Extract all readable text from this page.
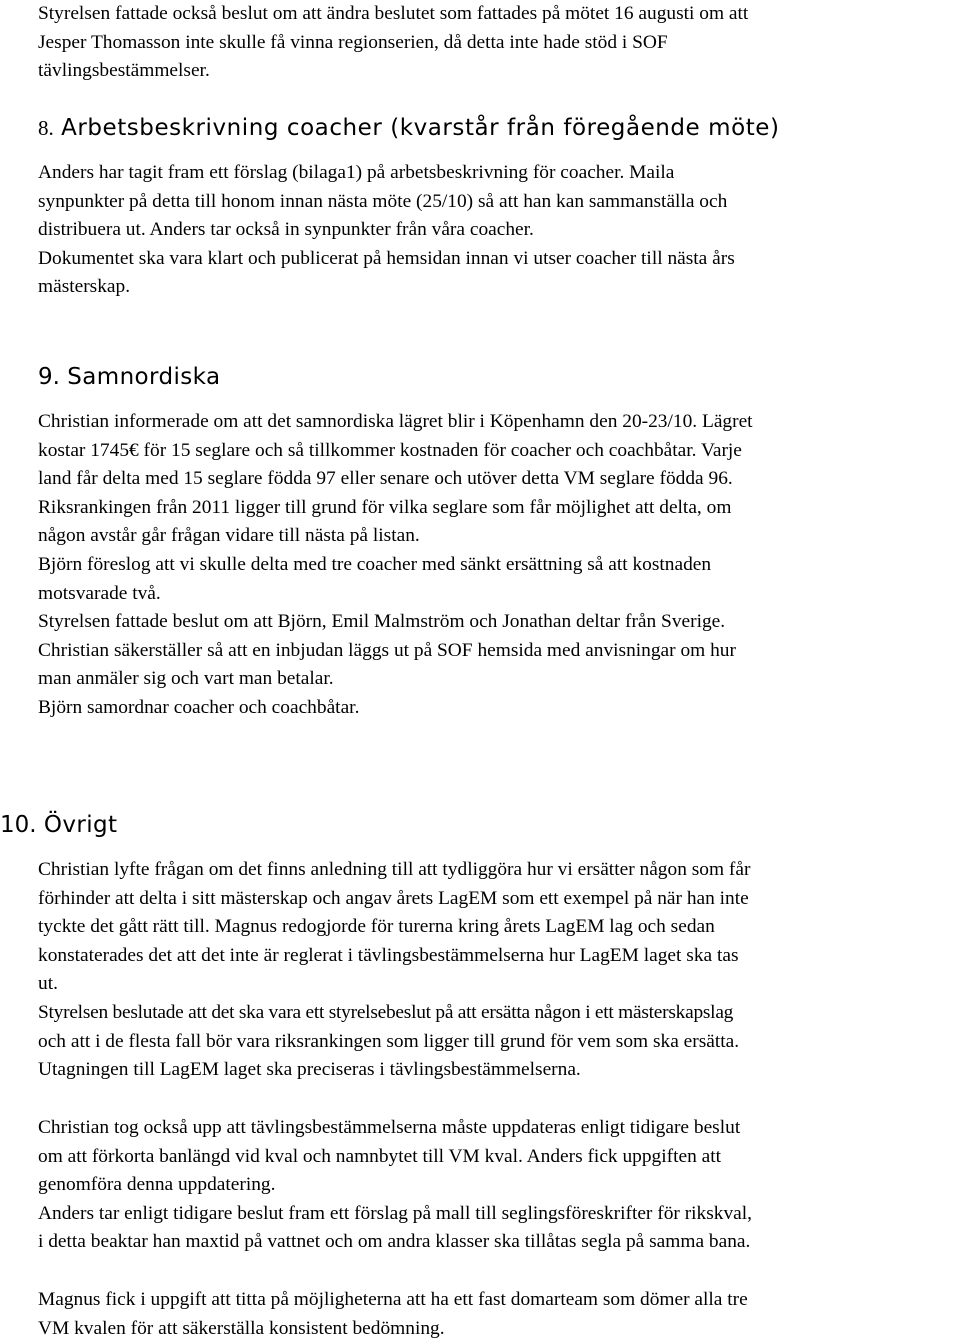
Styrelsen fattade också beslut om att ändra beslutet som fattades på mötet 16 augusti om att
Jesper Thomasson inte skulle få vinna regionserien, då detta inte hade stöd i SOF
tävlingsbestämmelser.
8. Arbetsbeskrivning coacher (kvarstår från föregående möte)
Anders har tagit fram ett förslag (bilaga1) på arbetsbeskrivning för coacher. Maila
synpunkter på detta till honom innan nästa möte (25/10) så att han kan sammanställa och
distribuera ut. Anders tar också in synpunkter från våra coacher.
Dokumentet ska vara klart och publicerat på hemsidan innan vi utser coacher till nästa års
mästerskap.
9. Samnordiska
Christian informerade om att det samnordiska lägret blir i Köpenhamn den 20-23/10. Lägret
kostar 1745€ för 15 seglare och så tillkommer kostnaden för coacher och coachbåtar. Varje
land får delta med 15 seglare födda 97 eller senare och utöver detta VM seglare födda 96.
Riksrankingen från 2011 ligger till grund för vilka seglare som får möjlighet att delta, om
någon avstår går frågan vidare till nästa på listan.
Björn föreslog att vi skulle delta med tre coacher med sänkt ersättning så att kostnaden
motsvarade två.
Styrelsen fattade beslut om att Björn, Emil Malmström och Jonathan deltar från Sverige.
Christian säkerställer så att en inbjudan läggs ut på SOF hemsida med anvisningar om hur
man anmäler sig och vart man betalar.
Björn samordnar coacher och coachbåtar.
10. Övrigt
Christian lyfte frågan om det finns anledning till att tydliggöra hur vi ersätter någon som får
förhinder att delta i sitt mästerskap och angav årets LagEM som ett exempel på när han inte
tyckte det gått rätt till. Magnus redogjorde för turerna kring årets LagEM lag och sedan
konstaterades det att det inte är reglerat i tävlingsbestämmelserna hur LagEM laget ska tas
ut.
Styrelsen beslutade att det ska vara ett styrelsebeslut på att ersätta någon i ett mästerskapslag
och att i de flesta fall bör vara riksrankingen som ligger till grund för vem som ska ersätta.
Utagningen till LagEM laget ska preciseras i tävlingsbestämmelserna.
Christian tog också upp att tävlingsbestämmelserna måste uppdateras enligt tidigare beslut
om att förkorta banlängd vid kval och namnbytet till VM kval. Anders fick uppgiften att
genomföra denna uppdatering.
Anders tar enligt tidigare beslut fram ett förslag på mall till seglingsföreskrifter för rikskval,
i detta beaktar han maxtid på vattnet och om andra klasser ska tillåtas segla på samma bana.
Magnus fick i uppgift att titta på möjligheterna att ha ett fast domarteam som dömer alla tre
VM kvalen för att säkerställa konsistent bedömning.
